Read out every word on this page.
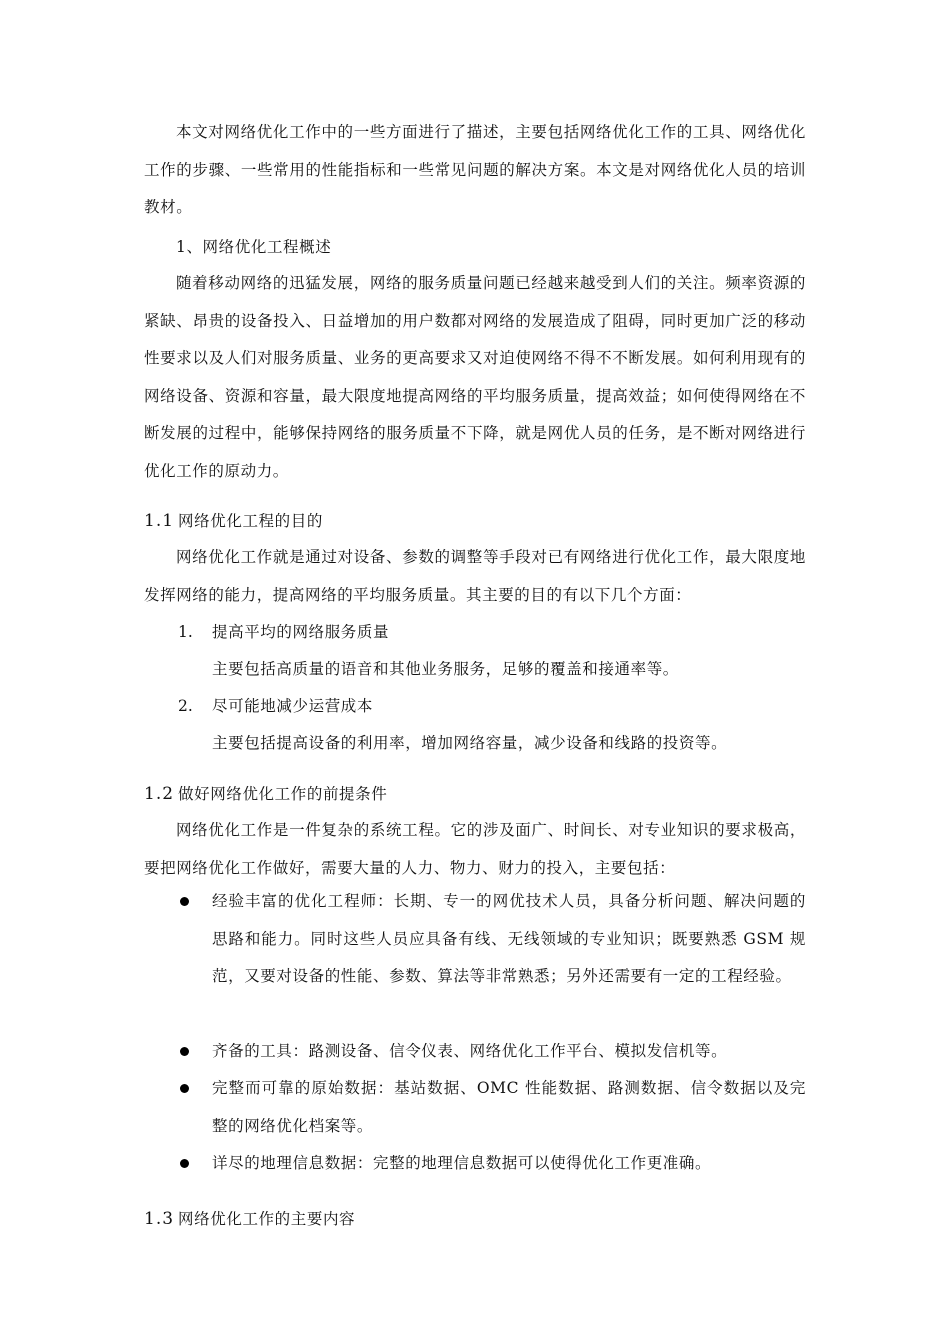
本文对网络优化工作中的一些方面进行了描述，主要包括网络优化工作的工具、网络优化工作的步骤、一些常用的性能指标和一些常见问题的解决方案。本文是对网络优化人员的培训教材。

1、网络优化工程概述

随着移动网络的迅猛发展，网络的服务质量问题已经越来越受到人们的关注。频率资源的紧缺、昂贵的设备投入、日益增加的用户数都对网络的发展造成了阻碍，同时更加广泛的移动性要求以及人们对服务质量、业务的更高要求又对迫使网络不得不不断发展。如何利用现有的网络设备、资源和容量，最大限度地提高网络的平均服务质量，提高效益；如何使得网络在不断发展的过程中，能够保持网络的服务质量不下降，就是网优人员的任务，是不断对网络进行优化工作的原动力。

1.1 网络优化工程的目的

网络优化工作就是通过对设备、参数的调整等手段对已有网络进行优化工作，最大限度地发挥网络的能力，提高网络的平均服务质量。其主要的目的有以下几个方面：

1. 提高平均的网络服务质量
主要包括高质量的语音和其他业务服务，足够的覆盖和接通率等。
2. 尽可能地减少运营成本
主要包括提高设备的利用率，增加网络容量，减少设备和线路的投资等。
1.2 做好网络优化工作的前提条件

网络优化工作是一件复杂的系统工程。它的涉及面广、时间长、对专业知识的要求极高，要把网络优化工作做好，需要大量的人力、物力、财力的投入，主要包括：

经验丰富的优化工程师：长期、专一的网优技术人员，具备分析问题、解决问题的思路和能力。同时这些人员应具备有线、无线领域的专业知识；既要熟悉 GSM 规范，又要对设备的性能、参数、算法等非常熟悉；另外还需要有一定的工程经验。

齐备的工具：路测设备、信令仪表、网络优化工作平台、模拟发信机等。

完整而可靠的原始数据：基站数据、OMC 性能数据、路测数据、信令数据以及完整的网络优化档案等。

详尽的地理信息数据：完整的地理信息数据可以使得优化工作更准确。

1.3 网络优化工作的主要内容
